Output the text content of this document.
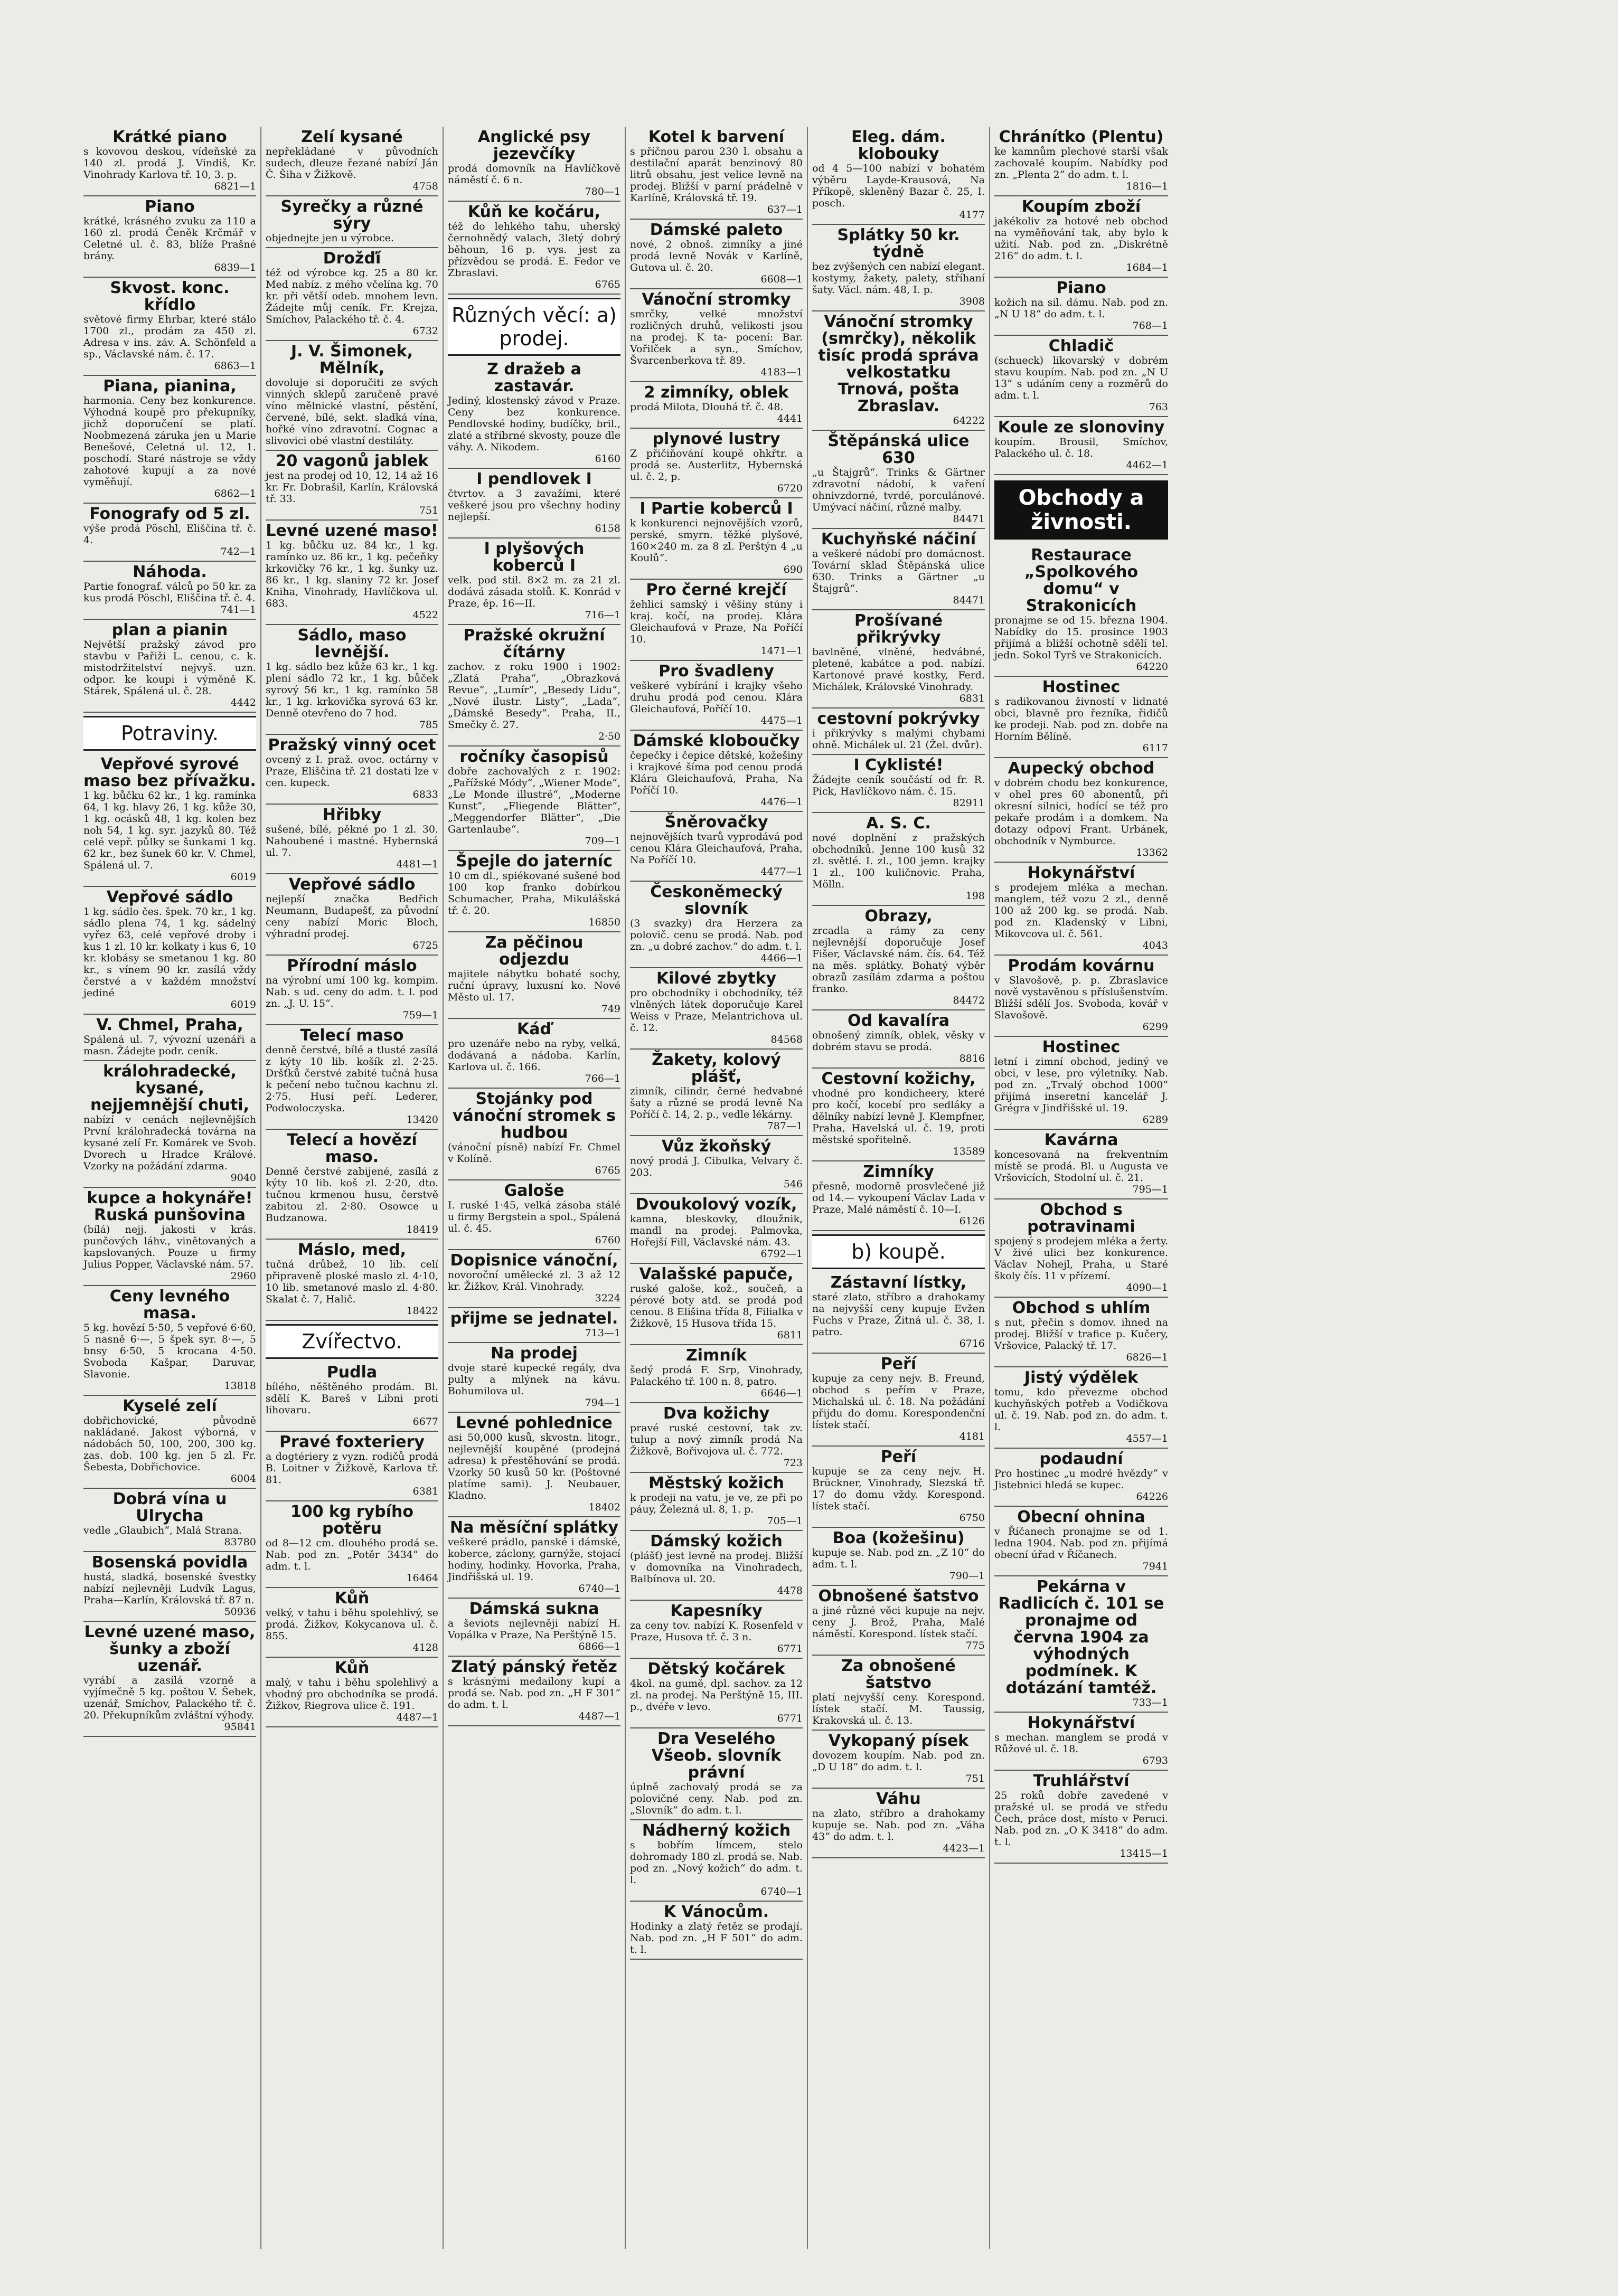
Krátké piano
s kovovou deskou, vídeňské za 140 zl. prodá J. Vindiš, Kr. Vinohrady Karlova tř. 10, 3. p.
6821—1
Piano
krátké, krásného zvuku za 110 a 160 zl. prodá Čeněk Krčmář v Celetné ul. č. 83, blíže Prašné brány.
6839—1
Skvost. konc. křídlo
světové firmy Ehrbar, které stálo 1700 zl., prodám za 450 zl. Adresa v ins. záv. A. Schönfeld a sp., Václavské nám. č. 17.
6863—1
Piana, pianina,
harmonia. Ceny bez konkurence. Výhodná koupě pro překupníky, jichž doporučení se platí. Noobmezená záruka jen u Marie Benešové, Celetná ul. 12, 1. poschodí. Staré nástroje se vždy zahotové kupují a za nové vyměňují.
6862—1
Fonografy od 5 zl.
výše prodá Pöschl, Eliščina tř. č. 4.
742—1
Náhoda.
Partie fonograf. válců po 50 kr. za kus prodá Pöschl, Eliščina tř. č. 4.
741—1
plan a pianin
Největší pražský závod pro stavbu v Pařiži L. cenou, c. k. mistodržitelství nejvyš. uzn. odpor. ke koupi i výměně K. Stárek, Spálená ul. č. 28.
4442
Potraviny.
Vepřové syrové maso bez přívažku.
1 kg. bůčku 62 kr., 1 kg. ramínka 64, 1 kg. hlavy 26, 1 kg. kůže 30, 1 kg. ocásků 48, 1 kg. kolen bez noh 54, 1 kg. syr. jazyků 80. Též celé vepř. půlky se šunkami 1 kg. 62 kr., bez šunek 60 kr. V. Chmel, Spálená ul. 7.
6019
Vepřové sádlo
1 kg. sádlo čes. špek. 70 kr., 1 kg. sádlo plena 74, 1 kg. sádelný vyřez 63, celé vepřové droby i kus 1 zl. 10 kr. kolkaty i kus 6, 10 kr. klobásy se smetanou 1 kg. 80 kr., s vínem 90 kr. zasílá vždy čerstvé a v každém množství jediné
6019
V. Chmel, Praha,
Spálená ul. 7, vývozní uzenáři a masn. Žádejte podr. ceník.
králohradecké, kysané, nejjemnější chuti,
nabízí v cenách nejlevnějších První králohradecká továrna na kysané zelí Fr. Komárek ve Svob. Dvorech u Hradce Králové. Vzorky na požádání zdarma.
9040
kupce a hokynáře! Ruská punšovina
(bílá) nejj. jakosti v krás. punčových láhv., vinětovaných a kapslovaných. Pouze u firmy Julius Popper, Václavské nám. 57.
2960
Ceny levného masa.
5 kg. hovězí 5·50, 5 vepřové 6·60, 5 nasně 6·—, 5 špek syr. 8·—, 5 bnsy 6·50, 5 krocana 4·50. Svoboda Kašpar, Daruvar, Slavonie.
13818
Kyselé zelí
dobřichovické, původně nakládané. Jakost výborná, v nádobách 50, 100, 200, 300 kg. zas. dob. 100 kg. jen 5 zl. Fr. Šebesta, Dobřichovice.
6004
Dobrá vína u Ulrycha
vedle „Glaubich“, Malá Strana.
83780
Bosenská povidla
hustá, sladká, bosenské švestky nabízí nejlevněji Ludvík Lagus, Praha—Karlín, Královská tř. 87 n.
50936
Levné uzené maso, šunky a zboží uzenář.
vyrábí a zasílá vzorně a vyjímečně 5 kg. poštou V. Šebek, uzenář, Smíchov, Palackého tř. č. 20. Překupníkům zvláštní výhody.
95841
Zelí kysané
nepřekládané v původních sudech, dleuze řezané nabízí Ján Č. Šiha v Žižkově.
4758
Syrečky a různé sýry
objednejte jen u výrobce.
Drožďí
též od výrobce kg. 25 a 80 kr. Med nabíz. z mého včelína kg. 70 kr. při větší odeb. mnohem levn. Žádejte můj ceník. Fr. Krejza, Smíchov, Palackého tř. č. 4.
6732
J. V. Šimonek, Mělník,
dovoluje si doporučiti ze svých vinných sklepů zaručeně pravé víno mělnické vlastní, pěstění, červené, bílé, sekt. sladká vína, hořké víno zdravotní. Cognac a slivovici obé vlastní destiláty.
20 vagonů jablek
jest na prodej od 10, 12, 14 až 16 kr. Fr. Dobrašil, Karlín, Královská tř. 33.
751
Levné uzené maso!
1 kg. bůčku uz. 84 kr., 1 kg. ramínko uz. 86 kr., 1 kg. pečeňky krkovičky 76 kr., 1 kg. šunky uz. 86 kr., 1 kg. slaniny 72 kr. Josef Kniha, Vinohrady, Havlíčkova ul. 683.
4522
Sádlo, maso levnější.
1 kg. sádlo bez kůže 63 kr., 1 kg. plení sádlo 72 kr., 1 kg. bůček syrový 56 kr., 1 kg. ramínko 58 kr., 1 kg. krkovička syrová 63 kr. Denně otevřeno do 7 hod.
785
Pražský vinný ocet
ovcený z I. praž. ovoc. octárny v Praze, Eliščina tř. 21 dostati lze v cen. kupeck.
6833
Hřibky
sušené, bílé, pěkné po 1 zl. 30. Nahoubené i mastné. Hybernská ul. 7.
4481—1
Vepřové sádlo
nejlepší značka Bedřich Neumann, Budapešť, za původní ceny nabízí Moric Bloch, výhradní prodej.
6725
Přírodní máslo
na výrobní umí 100 kg. kompim. Nab. s ud. ceny do adm. t. l. pod zn. „J. U. 15“.
759—1
Telecí maso
denně čerstvé, bílé a tlusté zasílá z kýty 10 lib. košík zl. 2·25. Dršťků čerstvé zabité tučná husa k pečení nebo tučnou kachnu zl. 2·75. Husí peří. Lederer, Podwoloczyska.
13420
Telecí a hovězí maso.
Denně čerstvé zabijené, zasílá z kýty 10 lib. koš zl. 2·20, dto. tučnou krmenou husu, čerstvě zabitou zl. 2·80. Osowce u Budzanowa.
18419
Máslo, med,
tučná drůbež, 10 lib. celí připraveně ploské maslo zl. 4·10, 10 lib. smetanové maslo zl. 4·80. Skalat č. 7, Halič.
18422
Zvířectvo.
Pudla
bílého, něštěného prodám. Bl. sdělí K. Bareš v Libni proti lihovaru.
6677
Pravé foxteriery
a dogtériery z vyzn. rodičů prodá B. Loitner v Žižkově, Karlova tř. 81.
6381
100 kg rybího potěru
od 8—12 cm. dlouhého prodá se. Nab. pod zn. „Potěr 3434“ do adm. t. l.
16464
Kůň
velký, v tahu i běhu spolehlivý, se prodá. Žižkov, Kokycanova ul. č. 855.
4128
Kůň
malý, v tahu i běhu spolehlivý a vhodný pro obchodníka se prodá. Žižkov, Riegrova ulice č. 191.
4487—1
Anglické psy jezevčíky
prodá domovník na Havlíčkově náměstí č. 6 n.
780—1
Kůň ke kočáru,
též do lehkého tahu, uherský černohnědý valach, 3letý dobrý běhoun, 16 p. vys. jest za přízvědou se prodá. E. Fedor ve Zbraslavi.
6765
Různých věcí: a) prodej.
Z dražeb a zastavár.
Jediný, klostenský závod v Praze. Ceny bez konkurence. Pendlovské hodiny, budíčky, bril., zlaté a stříbrné skvosty, pouze dle váhy. A. Nikodem.
6160
I pendlovek I
čtvrtov. a 3 zavažími, které veškeré jsou pro všechny hodiny nejlepší.
6158
I plyšových koberců I
velk. pod stil. 8×2 m. za 21 zl. dodává zásada stolů. K. Konrád v Praze, ěp. 16—II.
716—1
Pražské okružní čítárny
zachov. z roku 1900 i 1902: „Zlatá Praha“, „Obrazková Revue“, „Lumír“, „Besedy Lidu“, „Nové ilustr. Listy“, „Lada“, „Dámské Besedy“. Praha, II., Smečky č. 27.
2·50
ročníky časopisů
dobře zachovalých z r. 1902: „Pařížské Módy“, „Wiener Mode“, „Le Monde illustré“, „Moderne Kunst“, „Fliegende Blätter“, „Meggendorfer Blätter“, „Die Gartenlaube“.
709—1
Špejle do jaterníc
10 cm dl., spiékované sušené bod 100 kop franko dobírkou Schumacher, Praha, Mikulášská tř. č. 20.
16850
Za pěčinou odjezdu
majitele nábytku bohaté sochy, ruční úpravy, luxusní ko. Nové Město ul. 17.
749
Káď
pro uzenáře nebo na ryby, velká, dodávaná a nádoba. Karlín, Karlova ul. č. 166.
766—1
Stojánky pod vánoční stromek s hudbou
(vánoční písně) nabízí Fr. Chmel v Kolíně.
6765
Galoše
I. ruské 1·45, velká zásoba stálé u firmy Bergstein a spol., Spálená ul. č. 45.
6760
Dopisnice vánoční,
novoroční umělecké zl. 3 až 12 kr. Žižkov, Král. Vinohrady.
3224
přijme se jednatel.
713—1
Na prodej
dvoje staré kupecké regály, dva pulty a mlýnek na kávu. Bohumilova ul.
794—1
Levné pohlednice
asi 50,000 kusů, skvostn. litogr., nejlevnější koupěné (prodejná adresa) k přestěhování se prodá. Vzorky 50 kusů 50 kr. (Poštovné platíme sami). J. Neubauer, Kladno.
18402
Na měsíční splátky
veškeré prádlo, panské i dámské, koberce, záclony, garnýže, stojací hodiny, hodinky. Hovorka, Praha, Jindřišská ul. 19.
6740—1
Dámská sukna
a ševiots nejlevněji nabízí H. Vopálka v Praze, Na Perštýně 15.
6866—1
Zlatý pánský řetěz
s krásnými medailony kupí a prodá se. Nab. pod zn. „H F 301“ do adm. t. l.
4487—1
Kotel k barvení
s příčnou parou 230 l. obsahu a destilační aparát benzinový 80 litrů obsahu, jest velice levně na prodej. Bližší v parní prádelně v Karlíně, Královská tř. 19.
637—1
Dámské paleto
nové, 2 obnoš. zimníky a jiné prodá levně Novák v Karlíně, Gutova ul. č. 20.
6608—1
Vánoční stromky
smrčky, velké množství rozličných druhů, velikosti jsou na prodej. K ta- pocení: Bar. Vořilček a syn., Smíchov, Švarcenberkova tř. 89.
4183—1
2 zimníky, oblek
prodá Milota, Dlouhá tř. č. 48.
4441
plynové lustry
Z přičiňování koupě ohkřtr. a prodá se. Austerlitz, Hybernská ul. č. 2, p.
6720
I Partie koberců I
k konkurenci nejnovějších vzorů, perské, smyrn. těžké plyšové, 160×240 m. za 8 zl. Perštýn 4 „u Koulů“.
690
Pro černé krejčí
žehlicí samský i věšiny stúny i kraj. kočí, na prodej. Klára Gleichaufová v Praze, Na Poříčí 10.
1471—1
Pro švadleny
veškeré vybírání i krajky všeho druhu prodá pod cenou. Klára Gleichaufová, Poříčí 10.
4475—1
Dámské kloboučky
čepečky i čepice dětské, kožešiny i krajkové šíma pod cenou prodá Klára Gleichaufová, Praha, Na Poříčí 10.
4476—1
Šněrovačky
nejnovějších tvarů vyprodává pod cenou Klára Gleichaufová, Praha, Na Poříčí 10.
4477—1
Českoněmecký slovník
(3 svazky) dra Herzera za polovič. cenu se prodá. Nab. pod zn. „u dobré zachov.“ do adm. t. l.
4466—1
Kilové zbytky
pro obchodníky i obchodníky, též vlněných látek doporučuje Karel Weiss v Praze, Melantrichova ul. č. 12.
84568
Žakety, kolový plášť,
zimník, cilindr, černé hedvabné šaty a různé se prodá levně Na Poříčí č. 14, 2. p., vedle lékárny.
787—1
Vůz žkoňský
nový prodá J. Cibulka, Velvary č. 203.
546
Dvoukolový vozík,
kamna, bleskovky, dloužnik, mandl na prodej. Palmovka, Hořejší Fill, Václavské nám. 43.
6792—1
Valašské papuče,
ruské galoše, kož., součeň, a pérové boty atd. se prodá pod cenou. 8 Elišina třída 8, Filialka v Žižkově, 15 Husova třída 15.
6811
Zimník
šedý prodá F. Srp, Vinohrady, Palackého tř. 100 n. 8, patro.
6646—1
Dva kožichy
pravé ruské cestovní, tak zv. tulup a nový zimník prodá Na Žižkově, Bořivojova ul. č. 772.
723
Městský kožich
k prodeji na vatu, je ve, ze při po páuy, Železná ul. 8, 1. p.
705—1
Dámský kožich
(plášť) jest levně na prodej. Bližší v domovníka na Vinohradech, Balbínova ul. 20.
4478
Kapesníky
za ceny tov. nabízí K. Rosenfeld v Praze, Husova tř. č. 3 n.
6771
Dětský kočárek
4kol. na gumě, dpl. sachov. za 12 zl. na prodej. Na Perštýně 15, III. p., dvéře v levo.
6771
Dra Veselého Všeob. slovník právní
úplně zachovalý prodá se za polovičné ceny. Nab. pod zn. „Slovník“ do adm. t. l.
Nádherný kožich
s bobřím límcem, stelo dohromady 180 zl. prodá se. Nab. pod zn. „Nový kožich“ do adm. t. l.
6740—1
K Vánocům.
Hodinky a zlatý řetěz se prodají. Nab. pod zn. „H F 501“ do adm. t. l.
Eleg. dám. klobouky
od 4 5—100 nabízí v bohatém výběru Layde-Krausová, Na Příkopě, skleněný Bazar č. 25, I. posch.
4177
Splátky 50 kr. týdně
bez zvýšených cen nabízí elegant. kostymy, žakety, palety, stříhaní šaty. Václ. nám. 48, I. p.
3908
Vánoční stromky (smrčky), několik tisíc prodá správa velkostatku Trnová, pošta Zbraslav.
64222
Štěpánská ulice 630
„u Štajgrů“. Trinks & Gärtner zdravotní nádobí, k vaření ohnivzdorné, tvrdé, porculánové. Umývací náčiní, různé malby.
84471
Kuchyňské náčiní
a veškeré nádobí pro domácnost. Tovární sklad Štěpánská ulice 630. Trinks a Gärtner „u Štajgrů“.
84471
Prošívané přikrývky
bavlněné, vlněné, hedvábné, pletené, kabátce a pod. nabízí. Kartonové pravé kostky, Ferd. Michálek, Královské Vinohrady.
6831
cestovní pokrývky
i přikrývky s malými chybami ohně. Michálek ul. 21 (Žel. dvůr).
I Cyklisté!
Žádejte ceník součástí od fr. R. Pick, Havlíčkovo nám. č. 15.
82911
A. S. C.
nové doplnění z pražských obchodníků. Jenne 100 kusů 32 zl. světlé. I. zl., 100 jemn. krajky 1 zl., 100 kuličnovic. Praha, Mölln.
198
Obrazy,
zrcadla a rámy za ceny nejlevnější doporučuje Josef Fišer, Václavské nám. čís. 64. Též na měs. splátky. Bohatý výběr obrazů zasílám zdarma a poštou franko.
84472
Od kavalíra
obnošený zimník, oblek, věsky v dobrém stavu se prodá.
8816
Cestovní kožichy,
vhodné pro kondicheery, které pro kočí, kocebí pro sedláky a dělníky nabízí levně J. Klempfner, Praha, Havelská ul. č. 19, proti městské spořitelně.
13589
Zimníky
přesně, modorně prosvlečené již od 14.— vykoupení Václav Lada v Praze, Malé náměstí č. 10—I.
6126
b) koupě.
Zástavní lístky,
staré zlato, stříbro a drahokamy na nejvyšší ceny kupuje Evžen Fuchs v Praze, Žitná ul. č. 38, I. patro.
6716
Peří
kupuje za ceny nejv. B. Freund, obchod s peřím v Praze, Michalská ul. č. 18. Na požádání přijdu do domu. Korespondenční lístek stačí.
4181
Peří
kupuje se za ceny nejv. H. Brückner, Vinohrady, Slezská tř. 17 do domu vždy. Korespond. lístek stačí.
6750
Boa (kožešinu)
kupuje se. Nab. pod zn. „Z 10“ do adm. t. l.
790—1
Obnošené šatstvo
a jiné různé věci kupuje na nejv. ceny J. Brož, Praha, Malé náměstí. Korespond. lístek stačí.
775
Za obnošené šatstvo
platí nejvyšší ceny. Korespond. lístek stačí. M. Taussig, Krakovská ul. č. 13.
Vykopaný písek
dovozem koupím. Nab. pod zn. „D U 18“ do adm. t. l.
751
Váhu
na zlato, stříbro a drahokamy kupuje se. Nab. pod zn. „Váha 43“ do adm. t. l.
4423—1
Chránítko (Plentu)
ke kamnům plechové starší však zachovalé koupím. Nabídky pod zn. „Plenta 2“ do adm. t. l.
1816—1
Koupím zboží
jakékoliv za hotové neb obchod na vyměňování tak, aby bylo k užití. Nab. pod zn. „Diskrétně 216“ do adm. t. l.
1684—1
Piano
kožich na sil. dámu. Nab. pod zn. „N U 18“ do adm. t. l.
768—1
Chladič
(schueck) likovarský v dobrém stavu koupím. Nab. pod zn. „N U 13“ s udáním ceny a rozměrů do adm. t. l.
763
Koule ze slonoviny
koupím. Brousil, Smíchov, Palackého ul. č. 18.
4462—1
Obchody a živnosti.
Restaurace „Spolkového domu“ v Strakonicích
pronajme se od 15. března 1904. Nabídky do 15. prosince 1903 přijímá a bližší ochotně sdělí tel. jedn. Sokol Tyrš ve Strakonicích.
64220
Hostinec
s radikovanou živností v lidnaté obci, blavně pro řezníka, řidičů ke prodeji. Nab. pod zn. dobře na Horním Bělíně.
6117
Aupecký obchod
v dobrém chodu bez konkurence, v ohel pres 60 abonentů, při okresní silnici, hodící se též pro pekaře prodám i a domkem. Na dotazy odpoví Frant. Urbánek, obchodník v Nymburce.
13362
Hokynářství
s prodejem mléka a mechan. manglem, též vozu 2 zl., denně 100 až 200 kg. se prodá. Nab. pod zn. Kladenský v Libni, Mikovcova ul. č. 561.
4043
Prodám kovárnu
v Slavošově, p. p. Zbraslavice nově vystavěnou s příslušenstvím. Bližší sdělí Jos. Svoboda, kovář v Slavošově.
6299
Hostinec
letní i zimní obchod, jediný ve obci, v lese, pro výletníky. Nab. pod zn. „Trvalý obchod 1000“ přijímá inseretní kancelář J. Grégra v Jindřišské ul. 19.
6289
Kavárna
koncesovaná na frekventním místě se prodá. Bl. u Augusta ve Vršovicích, Stodolní ul. č. 21.
795—1
Obchod s potravinami
spojený s prodejem mléka a žerty. V živé ulici bez konkurence. Václav Nohejl, Praha, u Staré školy čís. 11 v přízemí.
4090—1
Obchod s uhlím
s nut, přečin s domov. ihned na prodej. Bližší v trafice p. Kučery, Vršovice, Palacký tř. 17.
6826—1
Jistý výdělek
tomu, kdo převezme obchod kuchyňských potřeb a Vodičkova ul. č. 19. Nab. pod zn. do adm. t. l.
4557—1
podaudní
Pro hostinec „u modré hvězdy“ v Jistebnici hledá se kupec.
64226
Obecní ohnina
v Říčanech pronajme se od 1. ledna 1904. Nab. pod zn. přijímá obecní úřad v Říčanech.
7941
Pekárna v Radlicích č. 101 se pronajme od června 1904 za výhodných podmínek. K dotázání tamtéž.
733—1
Hokynářství
s mechan. manglem se prodá v Růžové ul. č. 18.
6793
Truhlářství
25 roků dobře zavedené v pražské ul. se prodá ve středu Čech, práce dost, místo v Peruci. Nab. pod zn. „O K 3418“ do adm. t. l.
13415—1
